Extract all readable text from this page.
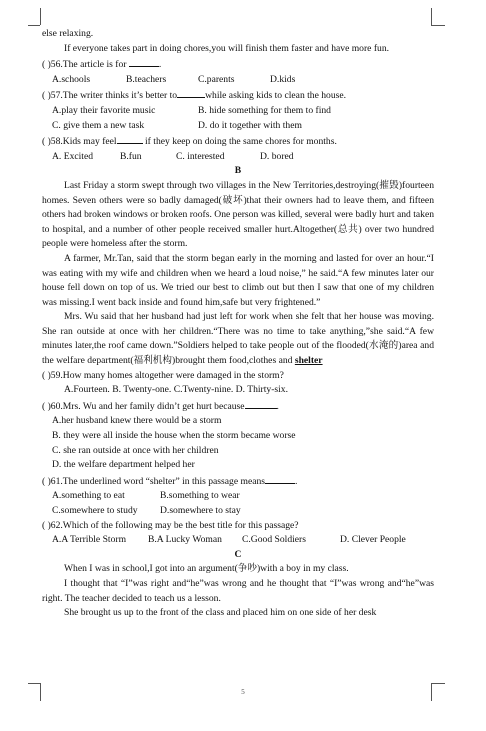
else relaxing.

If everyone takes part in doing chores,you will finish them faster and have more fun.

( )56.The article is for	.

A.schools	B.teachers	C.parents	D.kids

( )57.The writer thinks it’s better to	while asking kids to clean the house.

A.play their favorite music	B. hide something for them to find
C. give them a new task	D. do it together with them

( )58.Kids may feel	if they keep on doing the same chores for months.

A. Excited	B.fun	C. interested	D. bored

B

Last Friday a storm swept through two villages in the New Territories,destroying(摧毁)fourteen homes. Seven others were so badly damaged(破坏)that their owners had to leave them, and fifteen others had broken windows or broken roofs. One person was killed, several were badly hurt and taken to hospital, and a number of other people received smaller hurt.Altogether(总共) over two hundred people were homeless after the storm.

A farmer, Mr.Tan, said that the storm began early in the morning and lasted for over an hour.“I was eating with my wife and children when we heard a loud noise,” he said.“A few minutes later our house fell down on top of us. We tried our best to climb out but then I saw that one of my children was missing.I went back inside and found him,safe but very frightened.”

Mrs. Wu said that her husband had just left for work when she felt that her house was moving. She ran outside at once with her children.“There was no time to take anything,”she said.“A few minutes later,the roof came down.”Soldiers helped to take people out of the flooded(水淹的)area and the welfare department(福利机构)brought them food,clothes and shelter

( )59.How many homes altogether were damaged in the storm?

A.Fourteen. B. Twenty-one. C.Twenty-nine. D. Thirty-six.

( )60.Mrs. Wu and her family didn’t get hurt because	.

A.her husband knew there would be a storm

B. they were all inside the house when the storm became worse

C. she ran outside at once with her children

D. the welfare department helped her

( )61.The underlined word “shelter” in this passage means	.

A.something to eat	B.something to wear
C.somewhere to study	D.somewhere to stay

( )62.Which of the following may be the best title for this passage?

A.A Terrible Storm	B.A Lucky Woman	C.Good Soldiers	D. Clever People

C

When I was in school,I got into an argument(争吵)with a boy in my class.

I thought that “I”was right and“he”was wrong and he thought that “I”was wrong and“he”was right. The teacher decided to teach us a lesson.

She brought us up to the front of the class and placed him on one side of her desk

5
